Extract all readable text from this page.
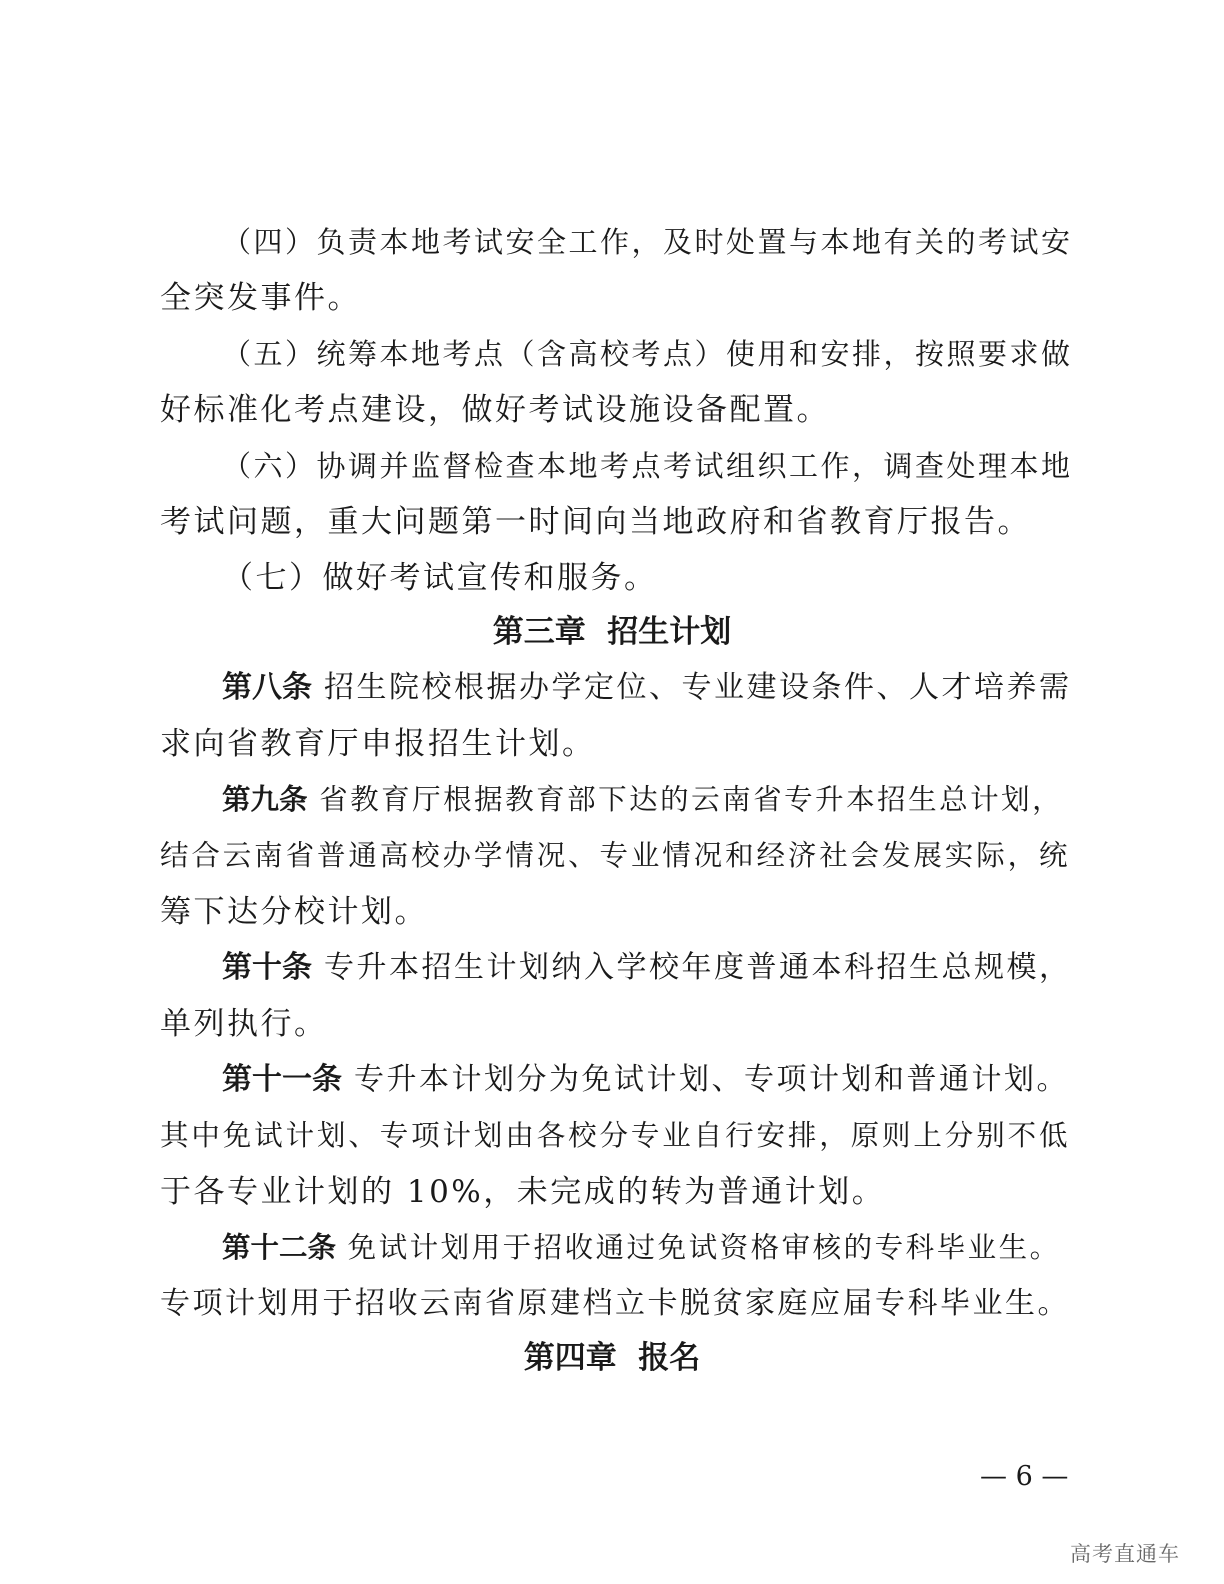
（四）负责本地考试安全工作，及时处置与本地有关的考试安
全突发事件。
（五）统筹本地考点（含高校考点）使用和安排，按照要求做
好标准化考点建设，做好考试设施设备配置。
（六）协调并监督检查本地考点考试组织工作，调查处理本地
考试问题，重大问题第一时间向当地政府和省教育厅报告。
（七）做好考试宣传和服务。
第三章  招生计划
第八条 招生院校根据办学定位、专业建设条件、人才培养需
求向省教育厅申报招生计划。
第九条 省教育厅根据教育部下达的云南省专升本招生总计划，
结合云南省普通高校办学情况、专业情况和经济社会发展实际，统
筹下达分校计划。
第十条 专升本招生计划纳入学校年度普通本科招生总规模，
单列执行。
第十一条 专升本计划分为免试计划、专项计划和普通计划。
其中免试计划、专项计划由各校分专业自行安排，原则上分别不低
于各专业计划的 10%，未完成的转为普通计划。
第十二条 免试计划用于招收通过免试资格审核的专科毕业生。
专项计划用于招收云南省原建档立卡脱贫家庭应届专科毕业生。
第四章  报名
— 6 —
高考直通车
